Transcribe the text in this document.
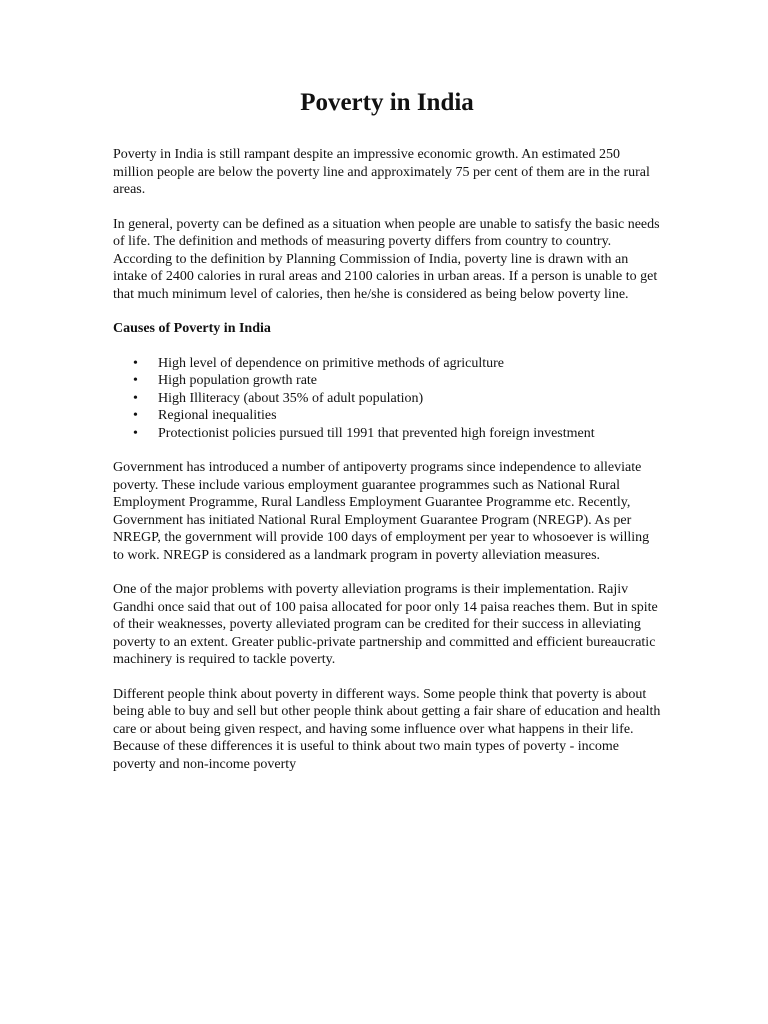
Poverty in India

Poverty in India is still rampant despite an impressive economic growth. An estimated 250 million people are below the poverty line and approximately 75 per cent of them are in the rural areas.

In general, poverty can be defined as a situation when people are unable to satisfy the basic needs of life. The definition and methods of measuring poverty differs from country to country. According to the definition by Planning Commission of India, poverty line is drawn with an intake of 2400 calories in rural areas and 2100 calories in urban areas. If a person is unable to get that much minimum level of calories, then he/she is considered as being below poverty line.

Causes of Poverty in India
• High level of dependence on primitive methods of agriculture
• High population growth rate
• High Illiteracy (about 35% of adult population)
• Regional inequalities
• Protectionist policies pursued till 1991 that prevented high foreign investment

Government has introduced a number of antipoverty programs since independence to alleviate poverty. These include various employment guarantee programmes such as National Rural Employment Programme, Rural Landless Employment Guarantee Programme etc. Recently, Government has initiated National Rural Employment Guarantee Program (NREGP). As per NREGP, the government will provide 100 days of employment per year to whosoever is willing to work. NREGP is considered as a landmark program in poverty alleviation measures.

One of the major problems with poverty alleviation programs is their implementation. Rajiv Gandhi once said that out of 100 paisa allocated for poor only 14 paisa reaches them. But in spite of their weaknesses, poverty alleviated program can be credited for their success in alleviating poverty to an extent. Greater public-private partnership and committed and efficient bureaucratic machinery is required to tackle poverty.

Different people think about poverty in different ways. Some people think that poverty is about being able to buy and sell but other people think about getting a fair share of education and health care or about being given respect, and having some influence over what happens in their life. Because of these differences it is useful to think about two main types of poverty - income poverty and non-income poverty
